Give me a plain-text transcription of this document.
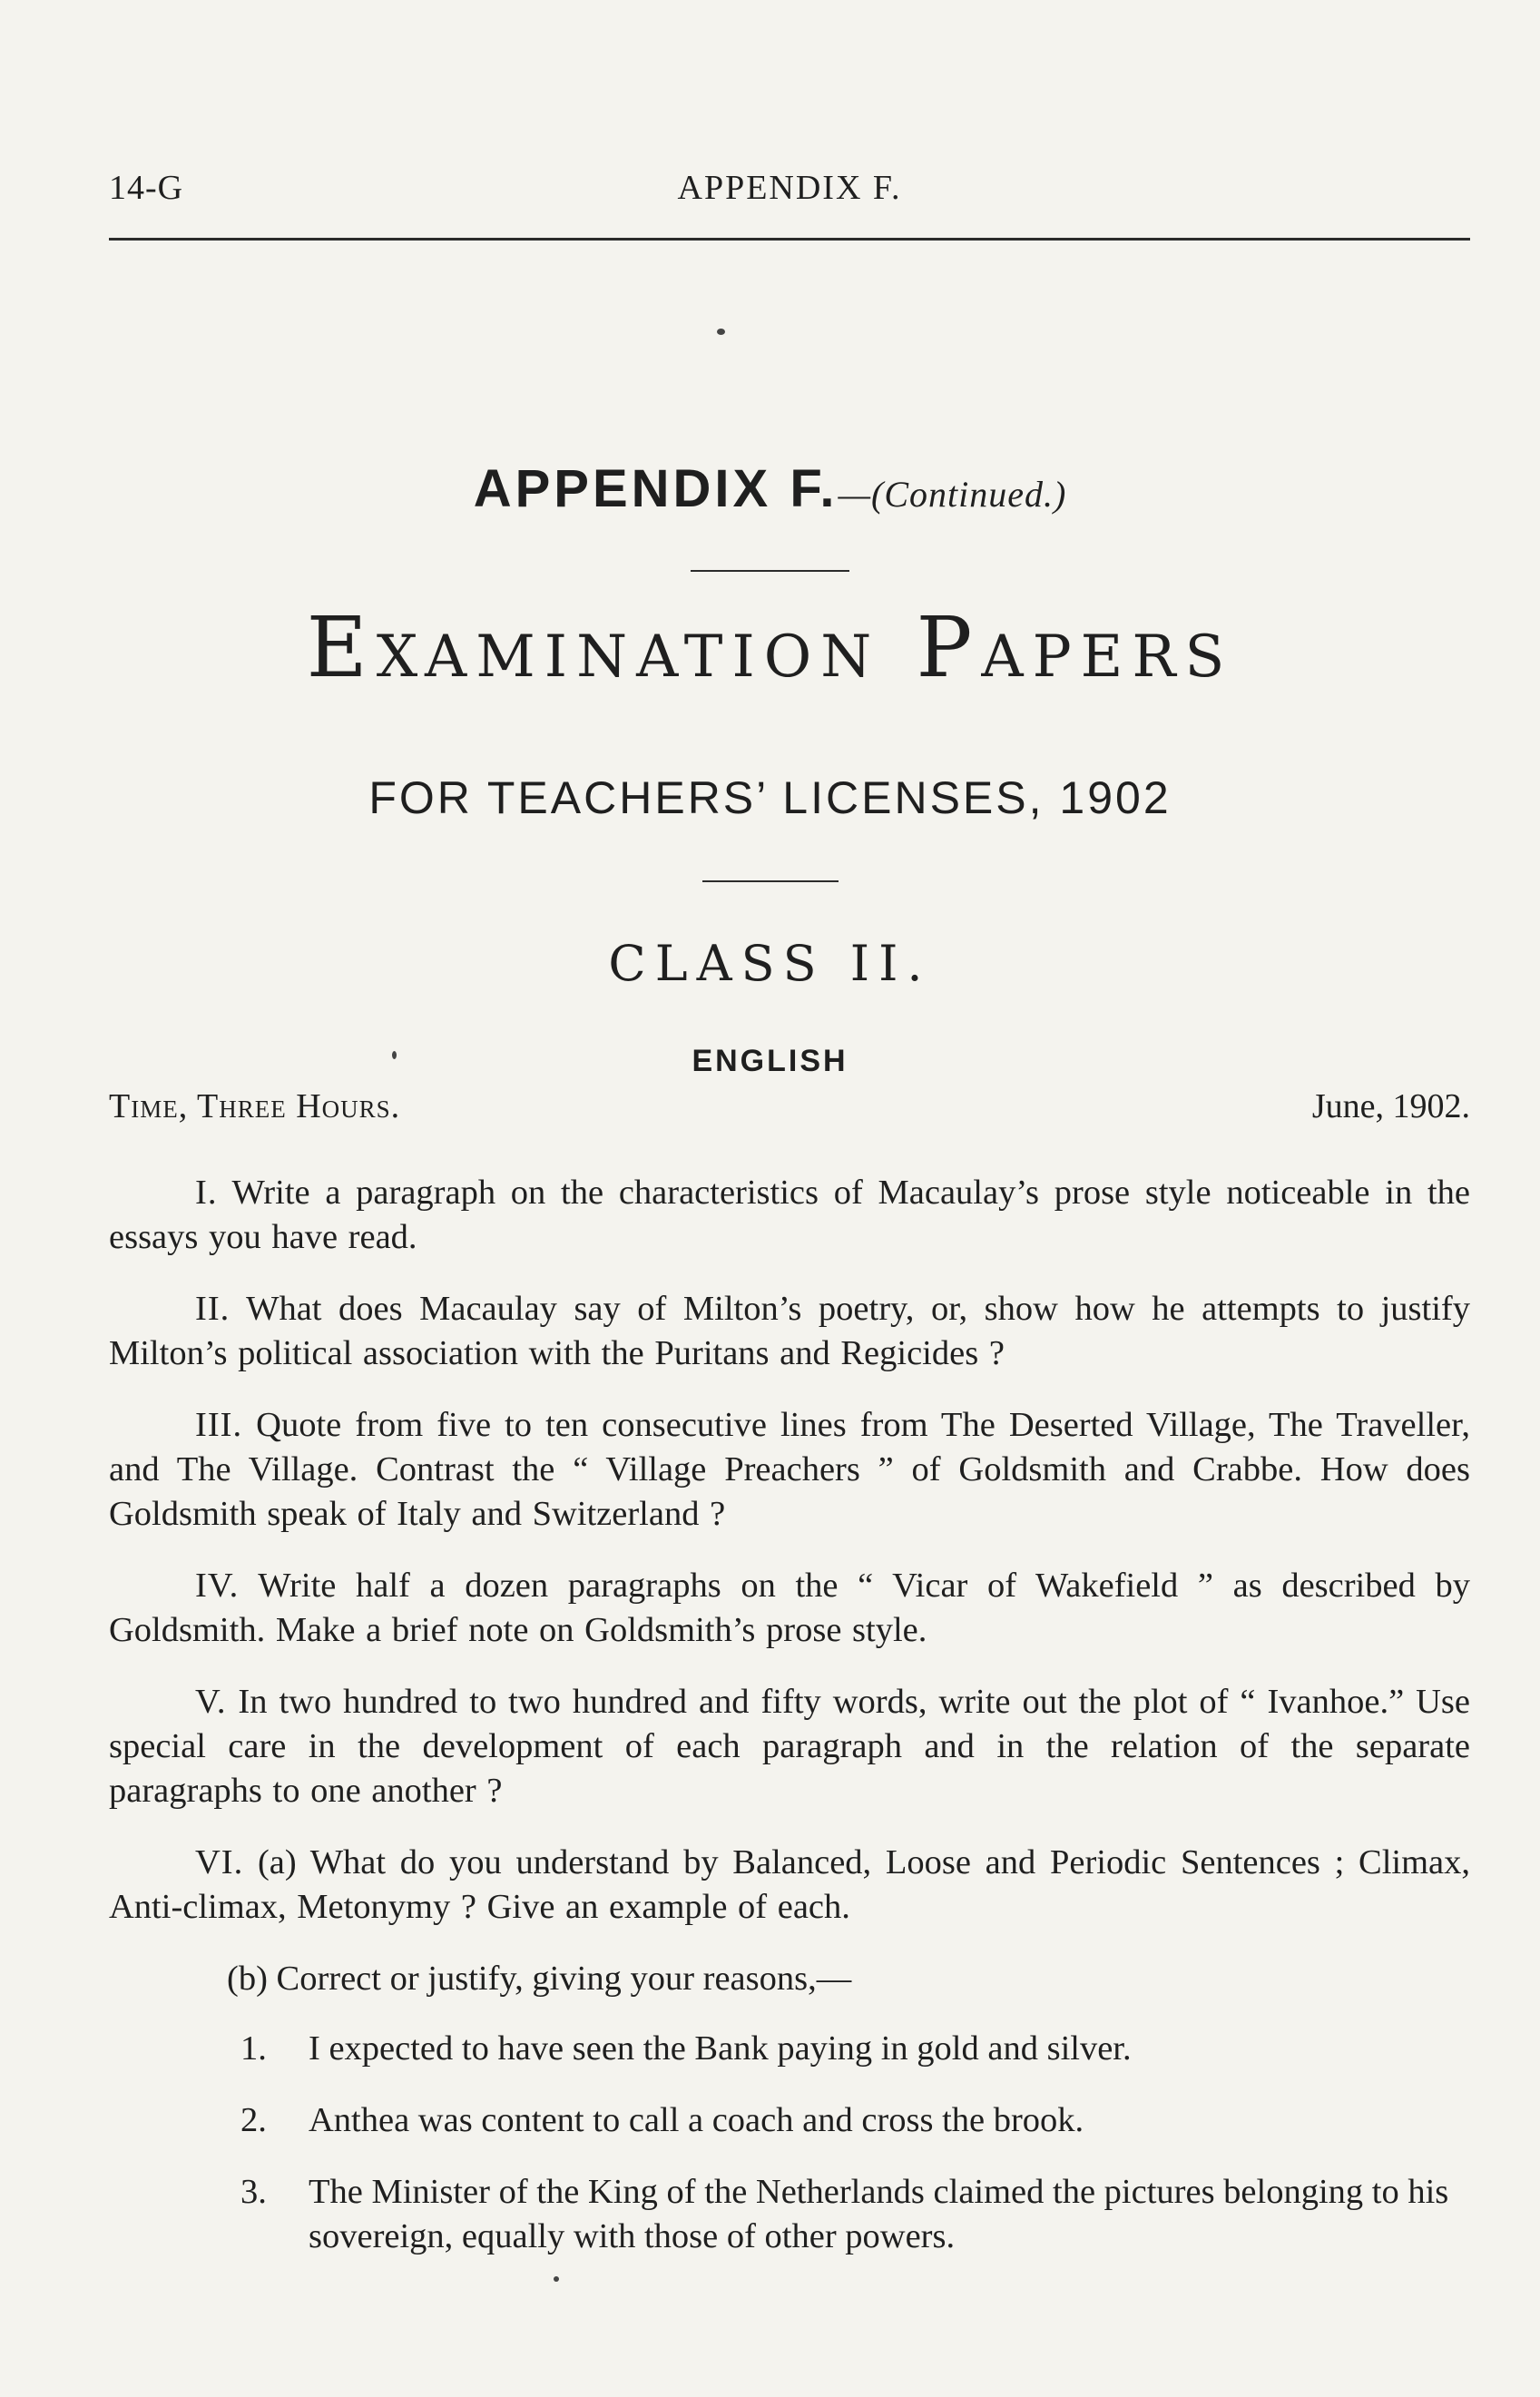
14-G	APPENDIX F.
APPENDIX F.—(Continued.)
Examination Papers
FOR TEACHERS’ LICENSES, 1902
CLASS II.
ENGLISH
Time, Three Hours.	June, 1902.

I. Write a paragraph on the characteristics of Macaulay’s prose style noticeable in the essays you have read.

II. What does Macaulay say of Milton’s poetry, or, show how he attempts to justify Milton’s political association with the Puritans and Regicides ?

III. Quote from five to ten consecutive lines from The Deserted Village, The Traveller, and The Village. Contrast the “ Village Preachers ” of Goldsmith and Crabbe. How does Goldsmith speak of Italy and Switzerland ?

IV. Write half a dozen paragraphs on the “ Vicar of Wakefield ” as described by Goldsmith. Make a brief note on Goldsmith’s prose style.

V. In two hundred to two hundred and fifty words, write out the plot of “ Ivanhoe.” Use special care in the development of each paragraph and in the relation of the separate paragraphs to one another ?

VI. (a) What do you understand by Balanced, Loose and Periodic Sentences ; Climax, Anti-climax, Metonymy ? Give an example of each.

(b) Correct or justify, giving your reasons,—

1. I expected to have seen the Bank paying in gold and silver.
2. Anthea was content to call a coach and cross the brook.
3. The Minister of the King of the Netherlands claimed the pictures belonging to his sovereign, equally with those of other powers.
